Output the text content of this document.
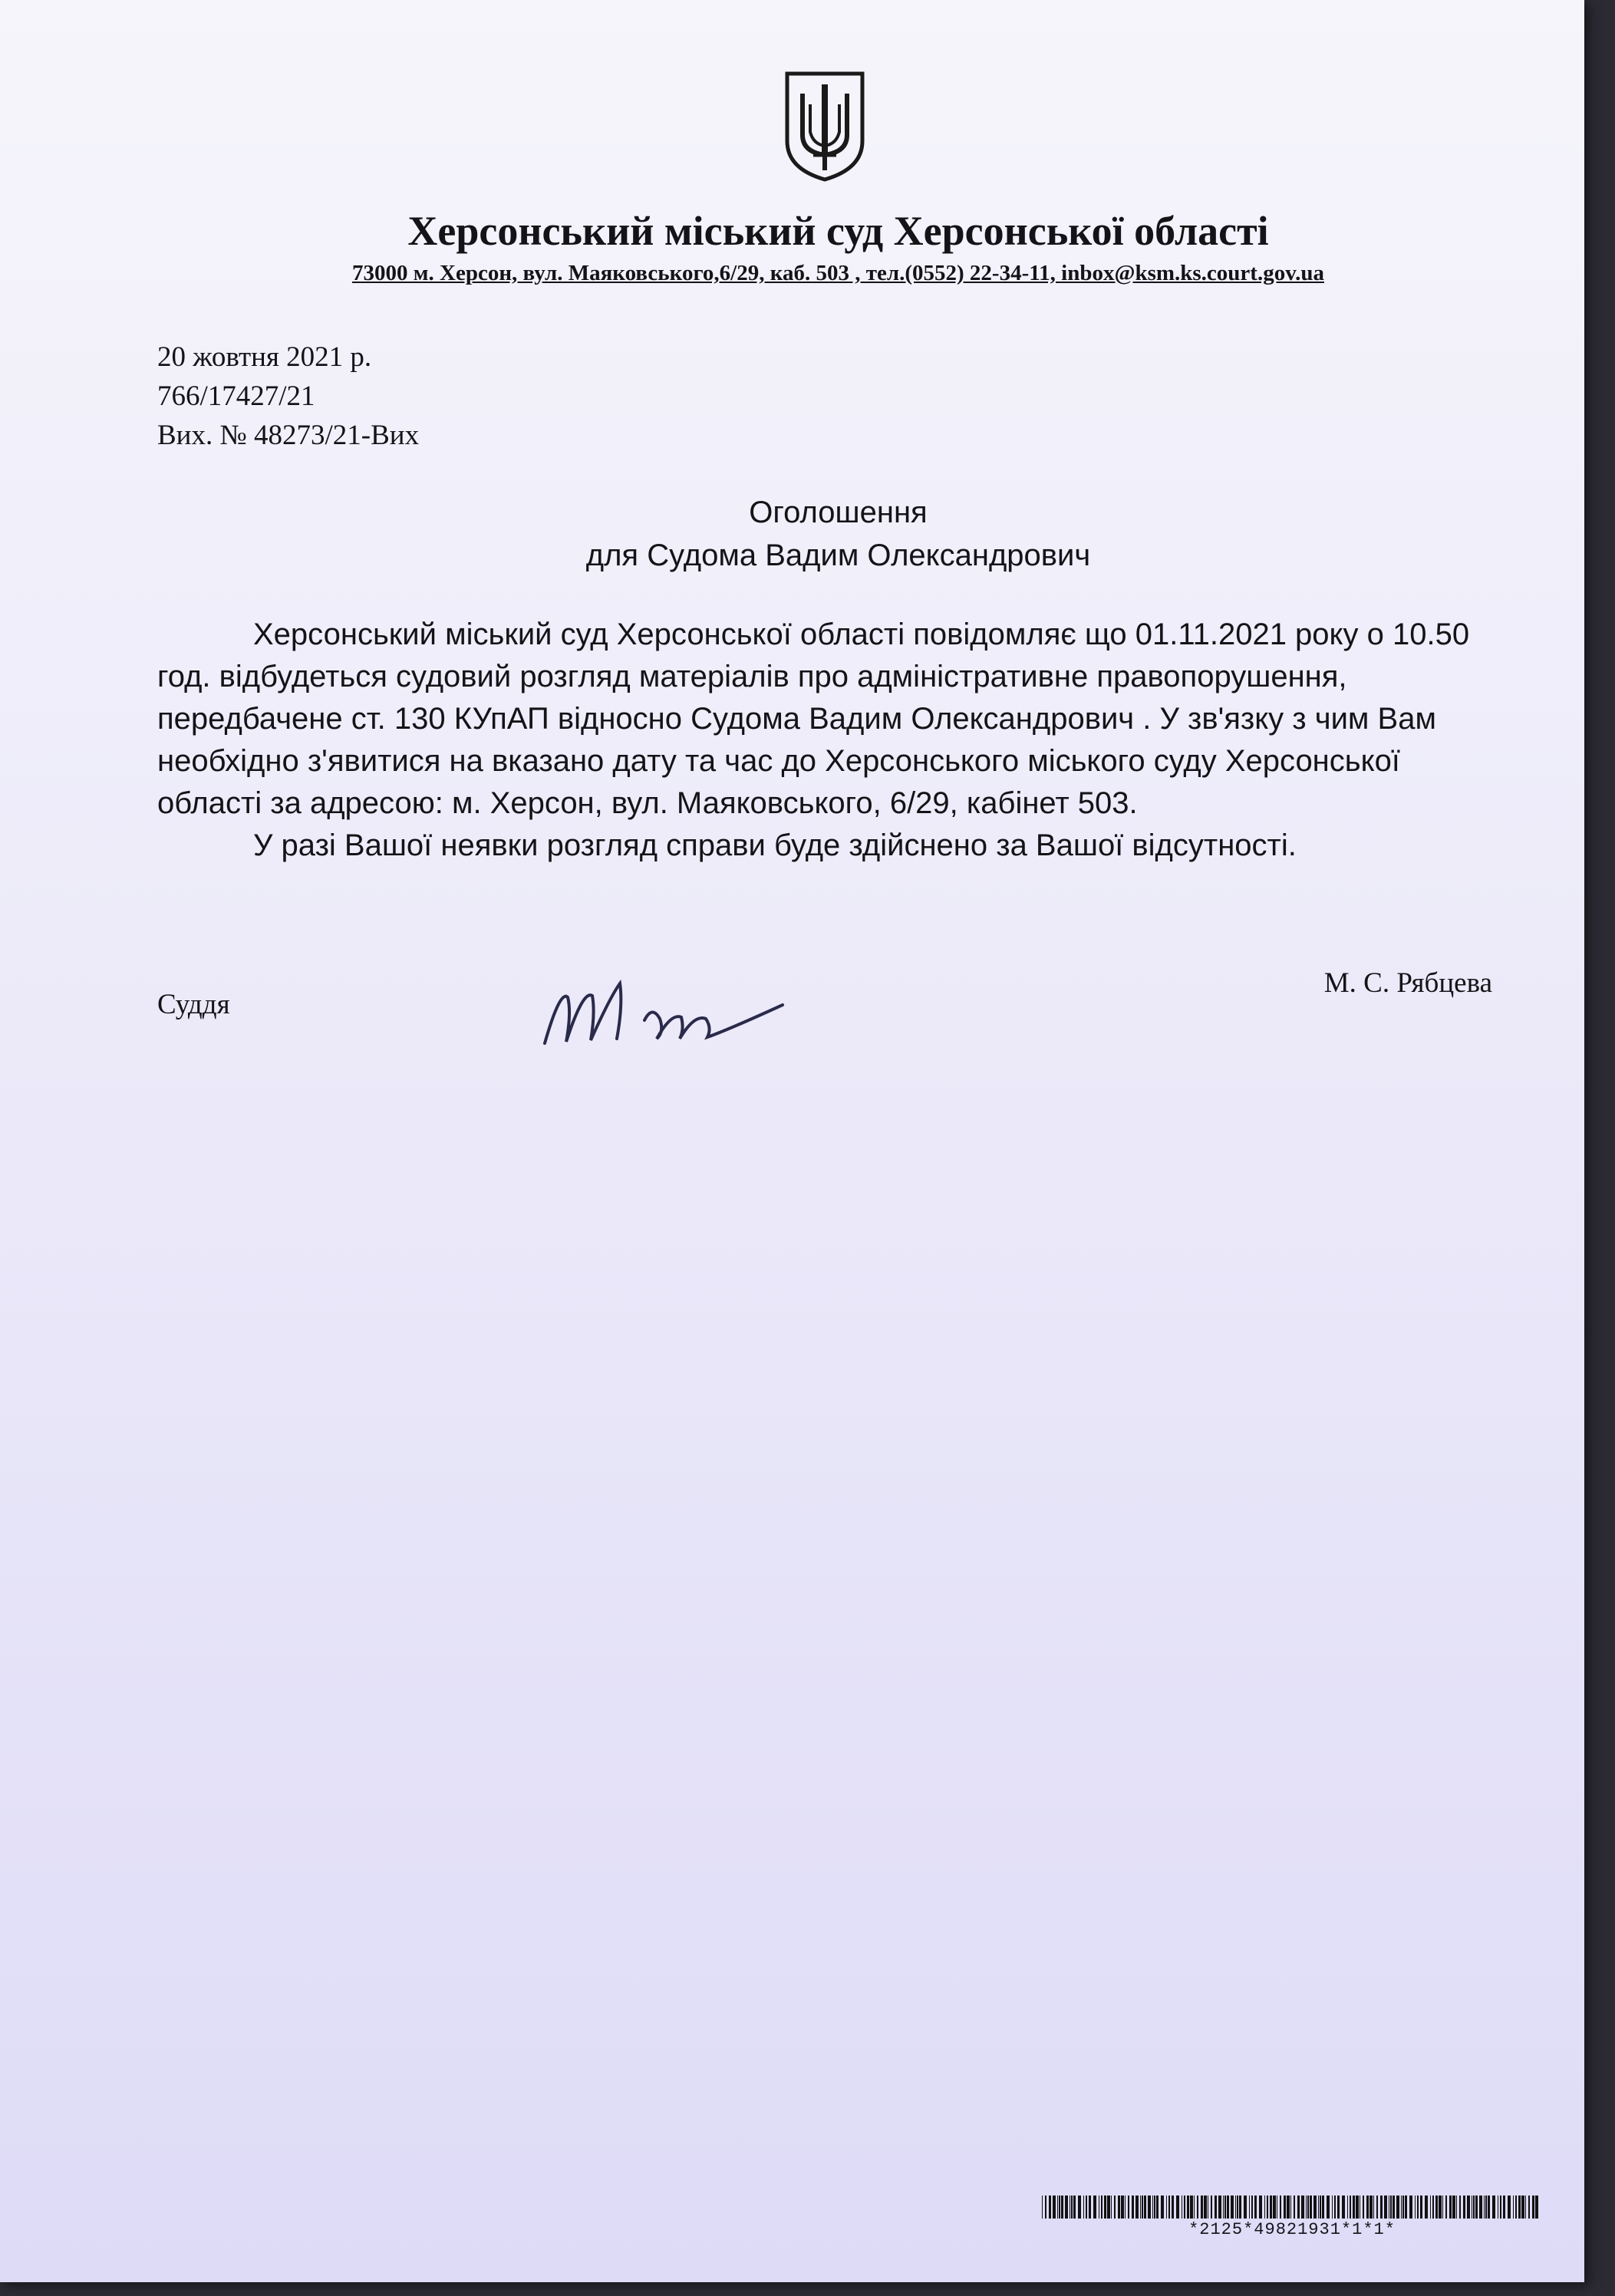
Херсонський міський суд Херсонської області
73000 м. Херсон, вул. Маяковського,6/29, каб. 503 , тел.(0552) 22-34-11, inbox@ksm.ks.court.gov.ua
20 жовтня 2021 р.
766/17427/21
Вих. № 48273/21-Вих
Оголошення
для Судома Вадим Олександрович

Херсонський міський суд Херсонської області повідомляє що 01.11.2021 року о 10.50 год. відбудеться судовий розгляд матеріалів про адміністративне правопорушення, передбачене ст. 130 КУпАП відносно Судома Вадим Олександрович . У зв'язку з чим Вам необхідно з'явитися на вказано дату та час до Херсонського міського суду Херсонської області за адресою: м. Херсон, вул. Маяковського, 6/29, кабінет 503.

У разі Вашої неявки розгляд справи буде здійснено за Вашої відсутності.

Суддя
М. С. Рябцева
*2125*49821931*1*1*
